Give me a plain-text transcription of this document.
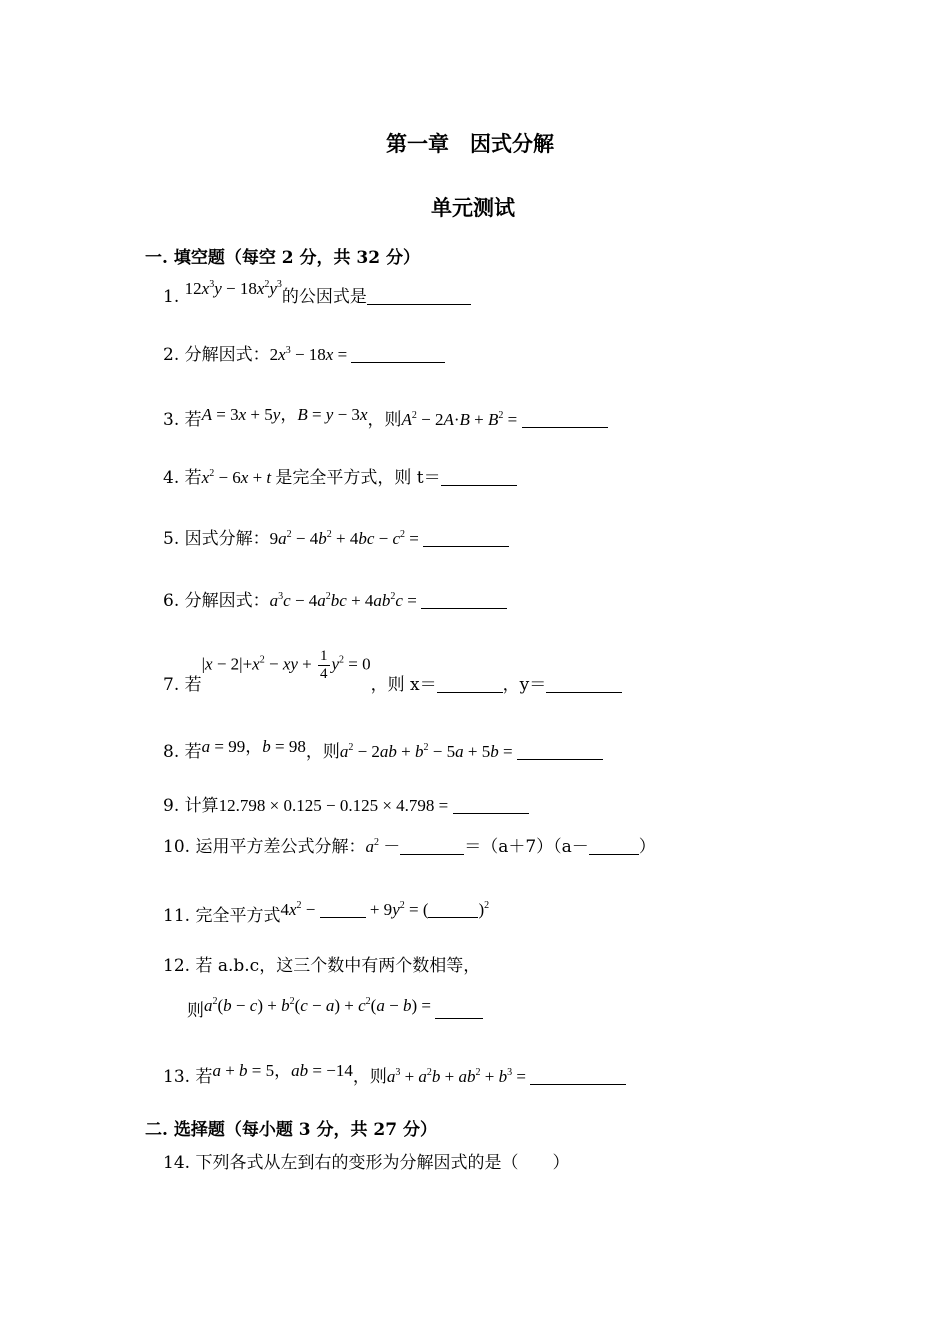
第一章　因式分解
单元测试
一. 填空题（每空 2 分，共 32 分）
1. $12x^3y - 18x^2y^3$的公因式是
2. 分解因式：$2x^3 - 18x$ =
3. 若A = 3x + 5y，B = y − 3x，则$A^2 - 2A\cdot B + B^2$ =
4. 若$x^2 - 6x + t$ 是完全平方式，则 t＝
5. 因式分解：$9a^2 - 4b^2 + 4bc - c^2$ =
6. 分解因式：$a^3c - 4a^2bc + 4ab^2c$ =
7. 若$|x - 2|+x^2$ − xy + $\frac{1}{4} y^2 = 0$，则 x＝	，y＝
8. 若a = 99，b = 98，则$a^2 - 2ab + b^2 - 5a + 5b$ =
9. 计算12.798 × 0.125 − 0.125 × 4.798 =
10. 运用平方差公式分解：$a^2$ －	＝（a＋7）（a－	）
11. 完全平方式$4x^2$ −	+ $9y^2$ = (	)$^2$
12. 若 a.b.c，这三个数中有两个数相等，
则$a^2(b - c) + b^2(c - a) + c^2(a - b)$ =
13. 若a + b = 5，ab = −14，则$a^3 + a^2b + ab^2 + b^3$ =
二. 选择题（每小题 3 分，共 27 分）
14. 下列各式从左到右的变形为分解因式的是（　　）
